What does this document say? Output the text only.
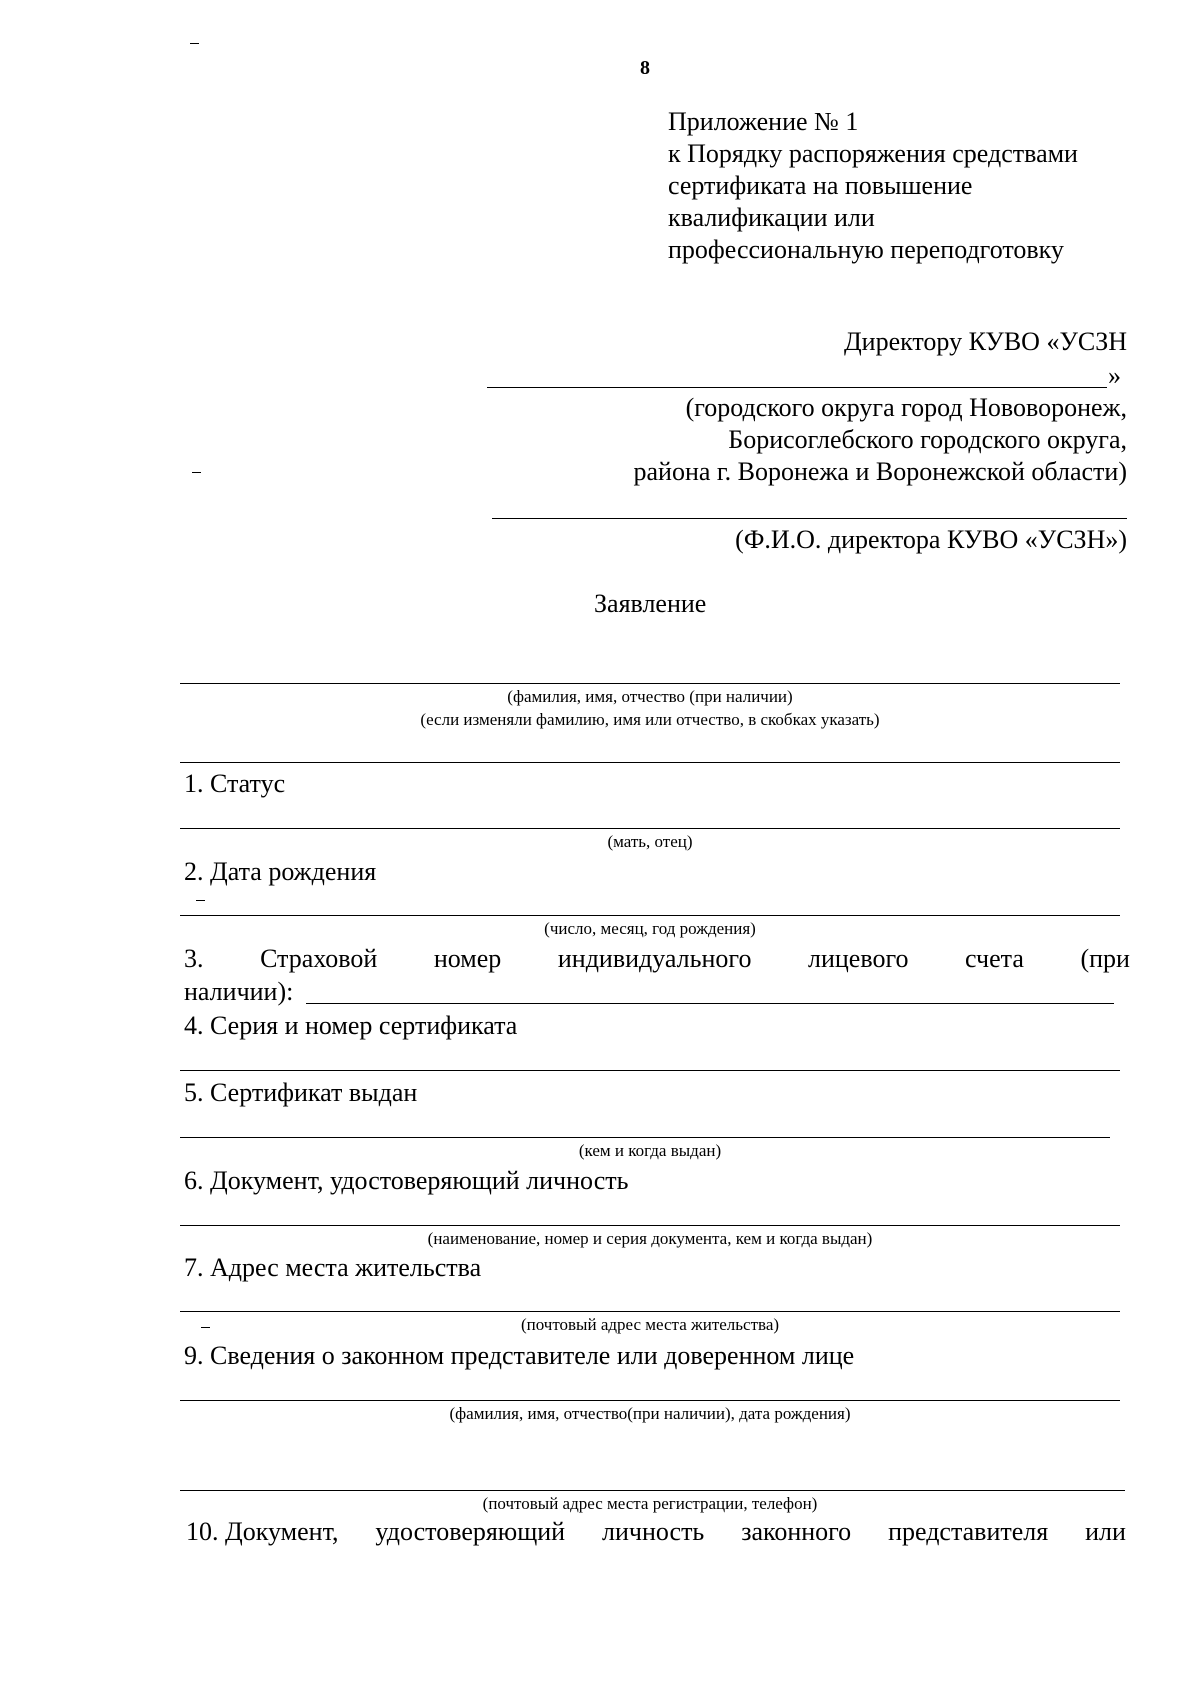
8
Приложение № 1
к Порядку распоряжения средствами
сертификата на повышение
квалификации или
профессиональную переподготовку
Директору КУВО «УСЗН
»
(городского округа город Нововоронеж,
Борисоглебского городского округа,
района г. Воронежа и Воронежской области)
(Ф.И.О. директора КУВО «УСЗН»)
Заявление
(фамилия, имя, отчество (при наличии)
(если изменяли фамилию, имя или отчество, в скобках указать)
1. Статус
(мать, отец)
2. Дата рождения
(число, месяц, год рождения)
3. Страховой номер индивидуального лицевого счета (при
наличии):
4. Серия и номер сертификата
5. Сертификат выдан
(кем и когда выдан)
6. Документ, удостоверяющий личность
(наименование, номер и серия документа, кем и когда выдан)
7. Адрес места жительства
(почтовый адрес места жительства)
9. Сведения о законном представителе или доверенном лице
(фамилия, имя, отчество(при наличии), дата рождения)
(почтовый адрес места регистрации, телефон)
10. Документ, удостоверяющий личность законного представителя или
